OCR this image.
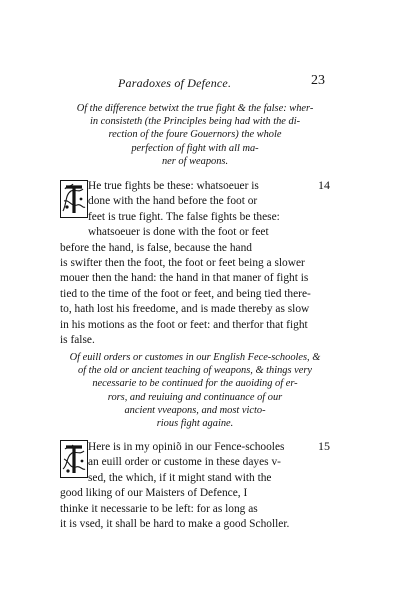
Paradoxes of Defence.	23
Of the difference betwixt the true fight & the false: wher-
in consisteth (the Principles being had with the di-
rection of the foure Gouernors) the whole
perfection of fight with all ma-
ner of weapons.
14
He true fights be these: whatsoeuer is
done with the hand before the foot or
feet is true fight. The false fights be these:
whatsoeuer is done with the foot or feet
before the hand, is false, because the hand
is swifter then the foot, the foot or feet being a slower
mouer then the hand: the hand in that maner of fight is
tied to the time of the foot or feet, and being tied there-
to, hath lost his freedome, and is made thereby as slow
in his motions as the foot or feet: and therfor that fight
is false.
Of euill orders or customes in our English Fece-schooles, &
of the old or ancient teaching of weapons, & things very
necessarie to be continued for the auoiding of er-
rors, and reuiuing and continuance of our
ancient vveapons, and most victo-
rious fight againe.
15
Here is in my opiniõ in our Fence-schooles
an euill order or custome in these dayes v-
sed, the which, if it might stand with the
good liking of our Maisters of Defence, I
thinke it necessarie to be left: for as long as
it is vsed, it shall be hard to make a good Scholler.
